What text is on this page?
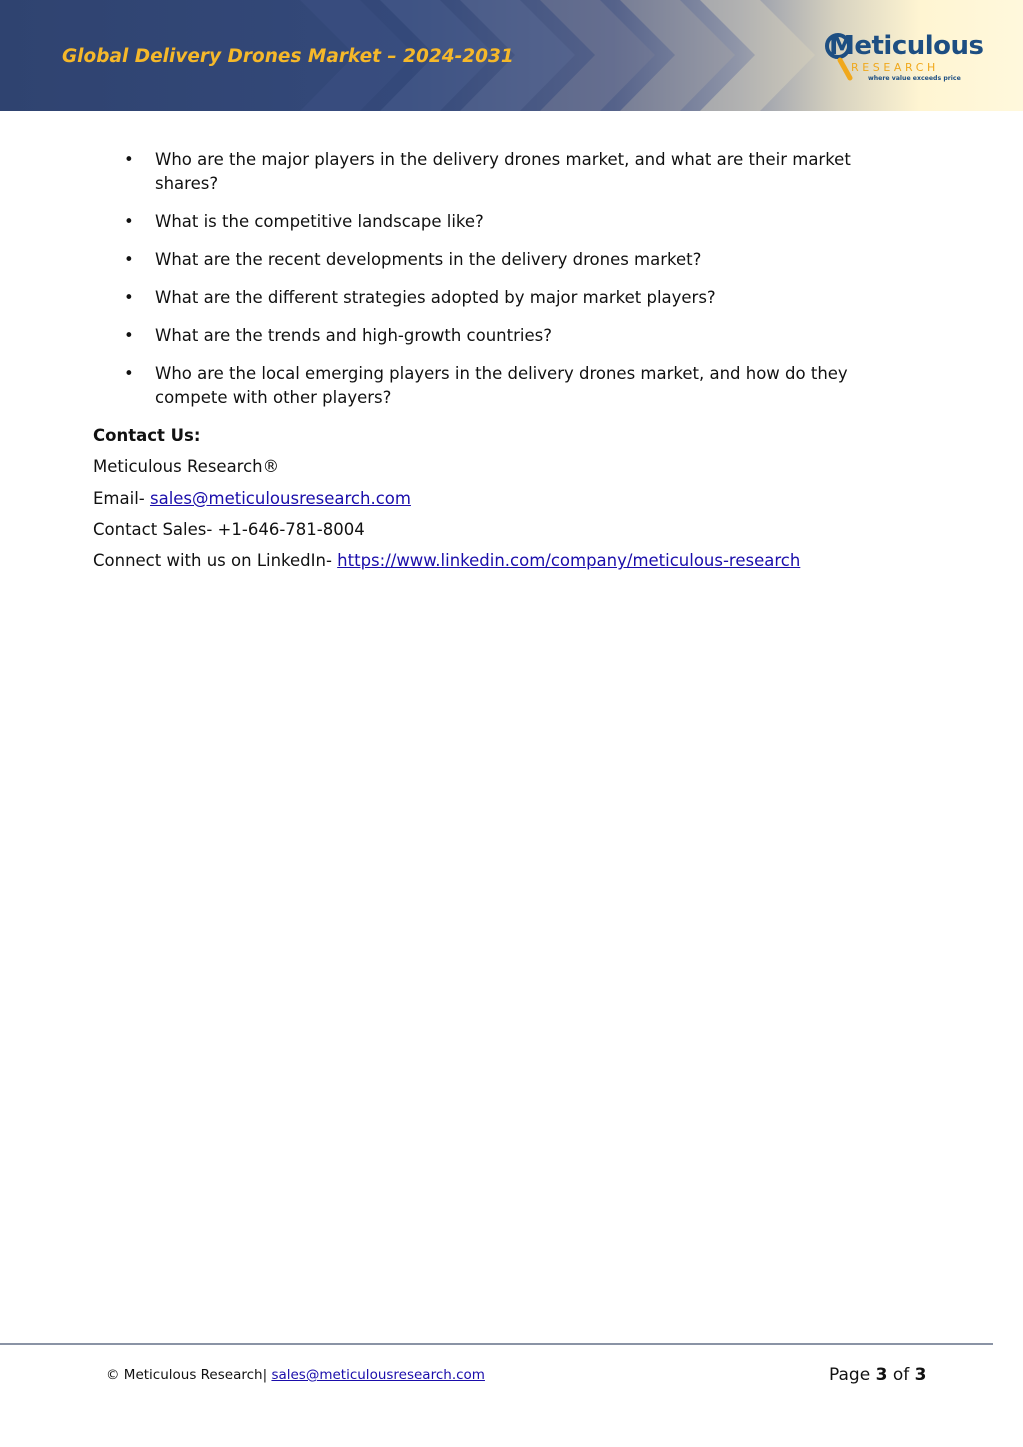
Global Delivery Drones Market – 2024-2031	Meticulous
RESEARCH
where value exceeds price
• Who are the major players in the delivery drones market, and what are their market shares?
• What is the competitive landscape like?
• What are the recent developments in the delivery drones market?
• What are the different strategies adopted by major market players?
• What are the trends and high-growth countries?
• Who are the local emerging players in the delivery drones market, and how do they compete with other players?

Contact Us:

Meticulous Research®

Email- sales@meticulousresearch.com

Contact Sales- +1-646-781-8004

Connect with us on LinkedIn- https://www.linkedin.com/company/meticulous-research

© Meticulous Research| sales@meticulousresearch.com	Page 3 of 3
